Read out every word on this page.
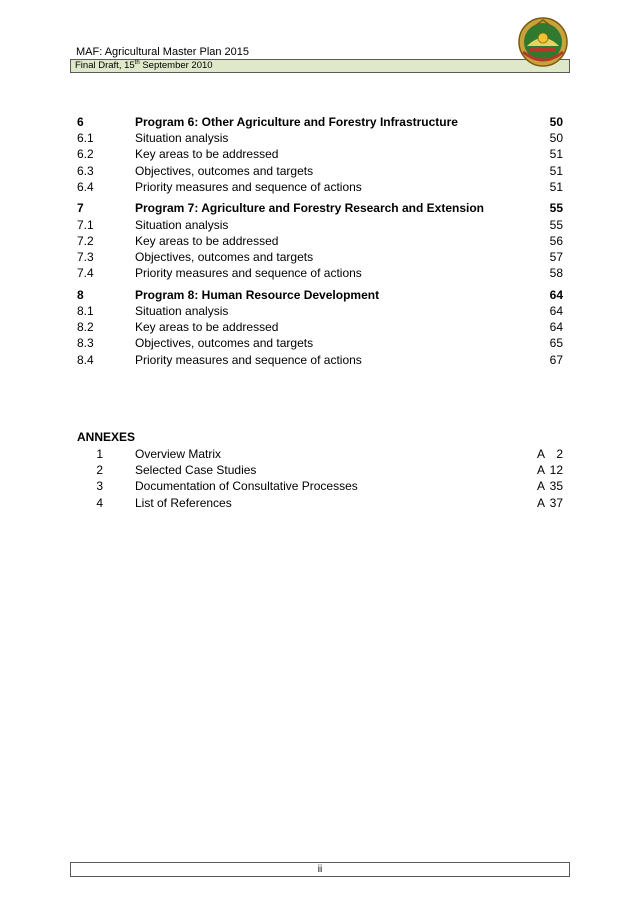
MAF: Agricultural Master Plan 2015
Final Draft, 15th September 2010
6	Program 6: Other Agriculture and Forestry Infrastructure	50
6.1	Situation analysis	50
6.2	Key areas to be addressed	51
6.3	Objectives, outcomes and targets	51
6.4	Priority measures and sequence of actions	51
7	Program 7: Agriculture and Forestry Research and Extension	55
7.1	Situation analysis	55
7.2	Key areas to be addressed	56
7.3	Objectives, outcomes and targets	57
7.4	Priority measures and sequence of actions	58
8	Program 8: Human Resource Development	64
8.1	Situation analysis	64
8.2	Key areas to be addressed	64
8.3	Objectives, outcomes and targets	65
8.4	Priority measures and sequence of actions	67
ANNEXES
1	Overview Matrix	A 2
2	Selected Case Studies	A 12
3	Documentation of Consultative Processes	A 35
4	List of References	A 37
ii
